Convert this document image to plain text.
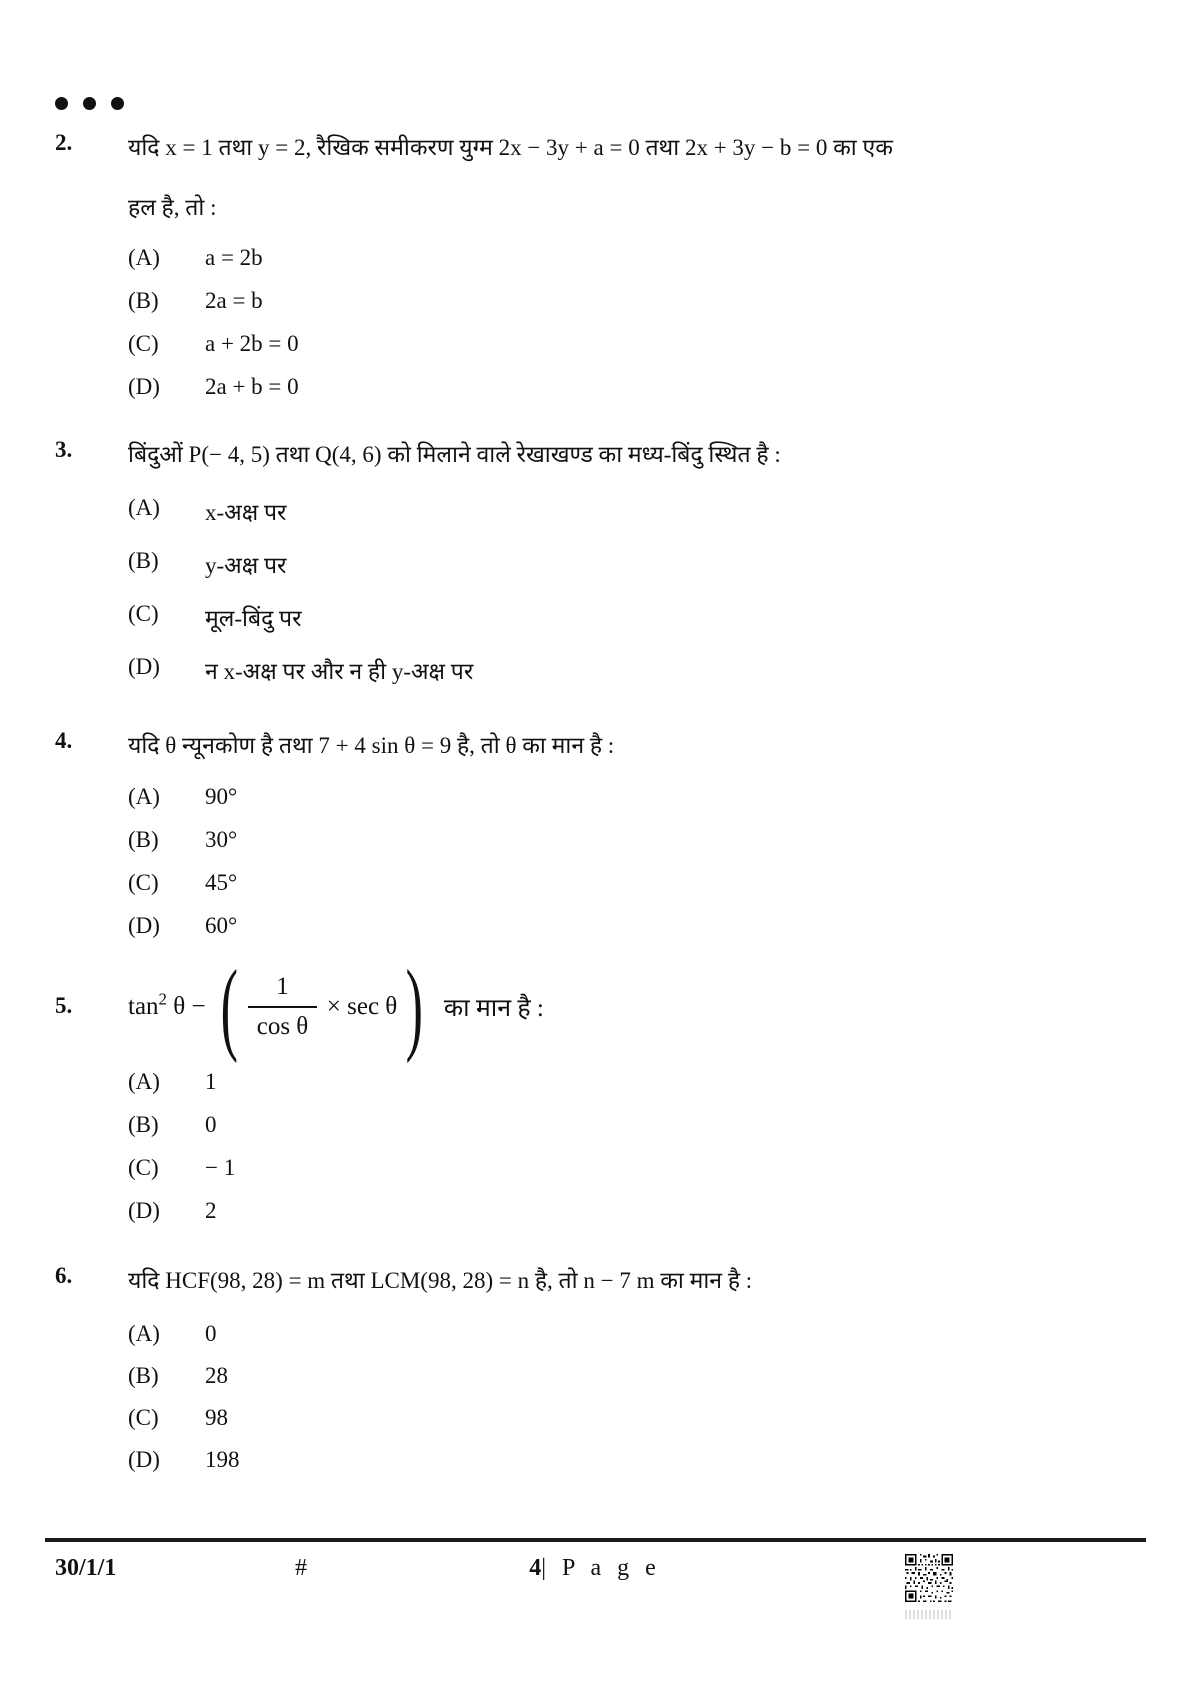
2.	यदि x = 1 तथा y = 2, रैखिक समीकरण युग्म 2x − 3y + a = 0 तथा 2x + 3y − b = 0 का एक
हल है, तो :
(A)	a = 2b
(B)	2a = b
(C)	a + 2b = 0
(D)	2a + b = 0
3.	बिंदुओं P(− 4, 5) तथा Q(4, 6) को मिलाने वाले रेखाखण्ड का मध्य-बिंदु स्थित है :
(A)	x-अक्ष पर
(B)	y-अक्ष पर
(C)	मूल-बिंदु पर
(D)	न x-अक्ष पर और न ही y-अक्ष पर
4.	यदि θ न्यूनकोण है तथा 7 + 4 sin θ = 9 है, तो θ का मान है :
(A)	90°
(B)	30°
(C)	45°
(D)	60°
5.	$\tan^2 \theta$ − ( $\frac{1}{\text{cos θ}} \times \sec \theta$ ) का मान है :
(A)	1
(B)	0
(C)	− 1
(D)	2
6.	यदि HCF(98, 28) = m तथा LCM(98, 28) = n है, तो n − 7 m का मान है :
(A)	0
(B)	28
(C)	98
(D)	198
30/1/1	#	4| P a g e
